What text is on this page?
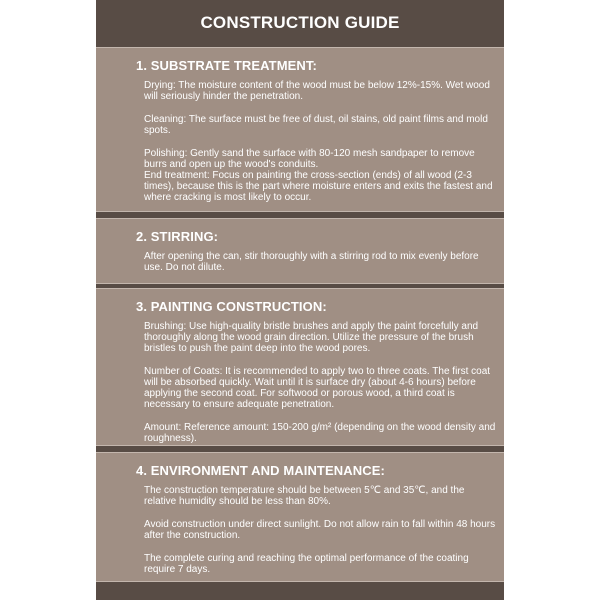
CONSTRUCTION GUIDE
1. SUBSTRATE TREATMENT:

Drying: The moisture content of the wood must be below 12%-15%. Wet wood will seriously hinder the penetration.

Cleaning: The surface must be free of dust, oil stains, old paint films and mold spots.

Polishing: Gently sand the surface with 80-120 mesh sandpaper to remove burrs and open up the wood's conduits.

End treatment: Focus on painting the cross-section (ends) of all wood (2-3 times), because this is the part where moisture enters and exits the fastest and where cracking is most likely to occur.

2. STIRRING:

After opening the can, stir thoroughly with a stirring rod to mix evenly before use. Do not dilute.

3. PAINTING CONSTRUCTION:

Brushing: Use high-quality bristle brushes and apply the paint forcefully and thoroughly along the wood grain direction. Utilize the pressure of the brush bristles to push the paint deep into the wood pores.

Number of Coats: It is recommended to apply two to three coats. The first coat will be absorbed quickly. Wait until it is surface dry (about 4-6 hours) before applying the second coat. For softwood or porous wood, a third coat is necessary to ensure adequate penetration.

Amount: Reference amount: 150-200 g/m² (depending on the wood density and roughness).

4. ENVIRONMENT AND MAINTENANCE:

The construction temperature should be between 5℃ and 35℃, and the relative humidity should be less than 80%.

Avoid construction under direct sunlight. Do not allow rain to fall within 48 hours after the construction.

The complete curing and reaching the optimal performance of the coating require 7 days.
